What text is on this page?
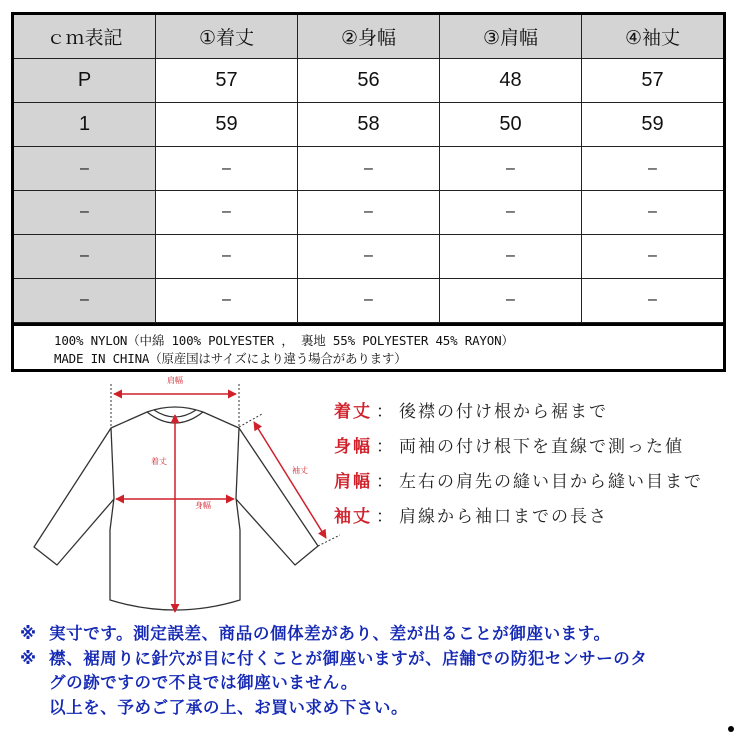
ｃｍ表記	①着丈	②身幅	③肩幅	④袖丈
P	57	56	48	57
1	59	58	50	59
–	–	–	–	–
–	–	–	–	–
–	–	–	–	–
–	–	–	–	–
100% NYLON（中綿 100% POLYESTER ， 裏地 55% POLYESTER 45% RAYON）
MADE IN CHINA（原産国はサイズにより違う場合があります）
肩幅
着丈
身幅
袖丈
着丈 ： 後襟の付け根から裾まで
身幅 ： 両袖の付け根下を直線で測った値
肩幅 ： 左右の肩先の縫い目から縫い目まで
袖丈 ： 肩線から袖口までの長さ
※ 実寸です。測定誤差、商品の個体差があり、差が出ることが御座います。
※ 襟、裾周りに針穴が目に付くことが御座いますが、店舗での防犯センサーのタ
グの跡ですので不良では御座いません。
以上を、予めご了承の上、お買い求め下さい。
